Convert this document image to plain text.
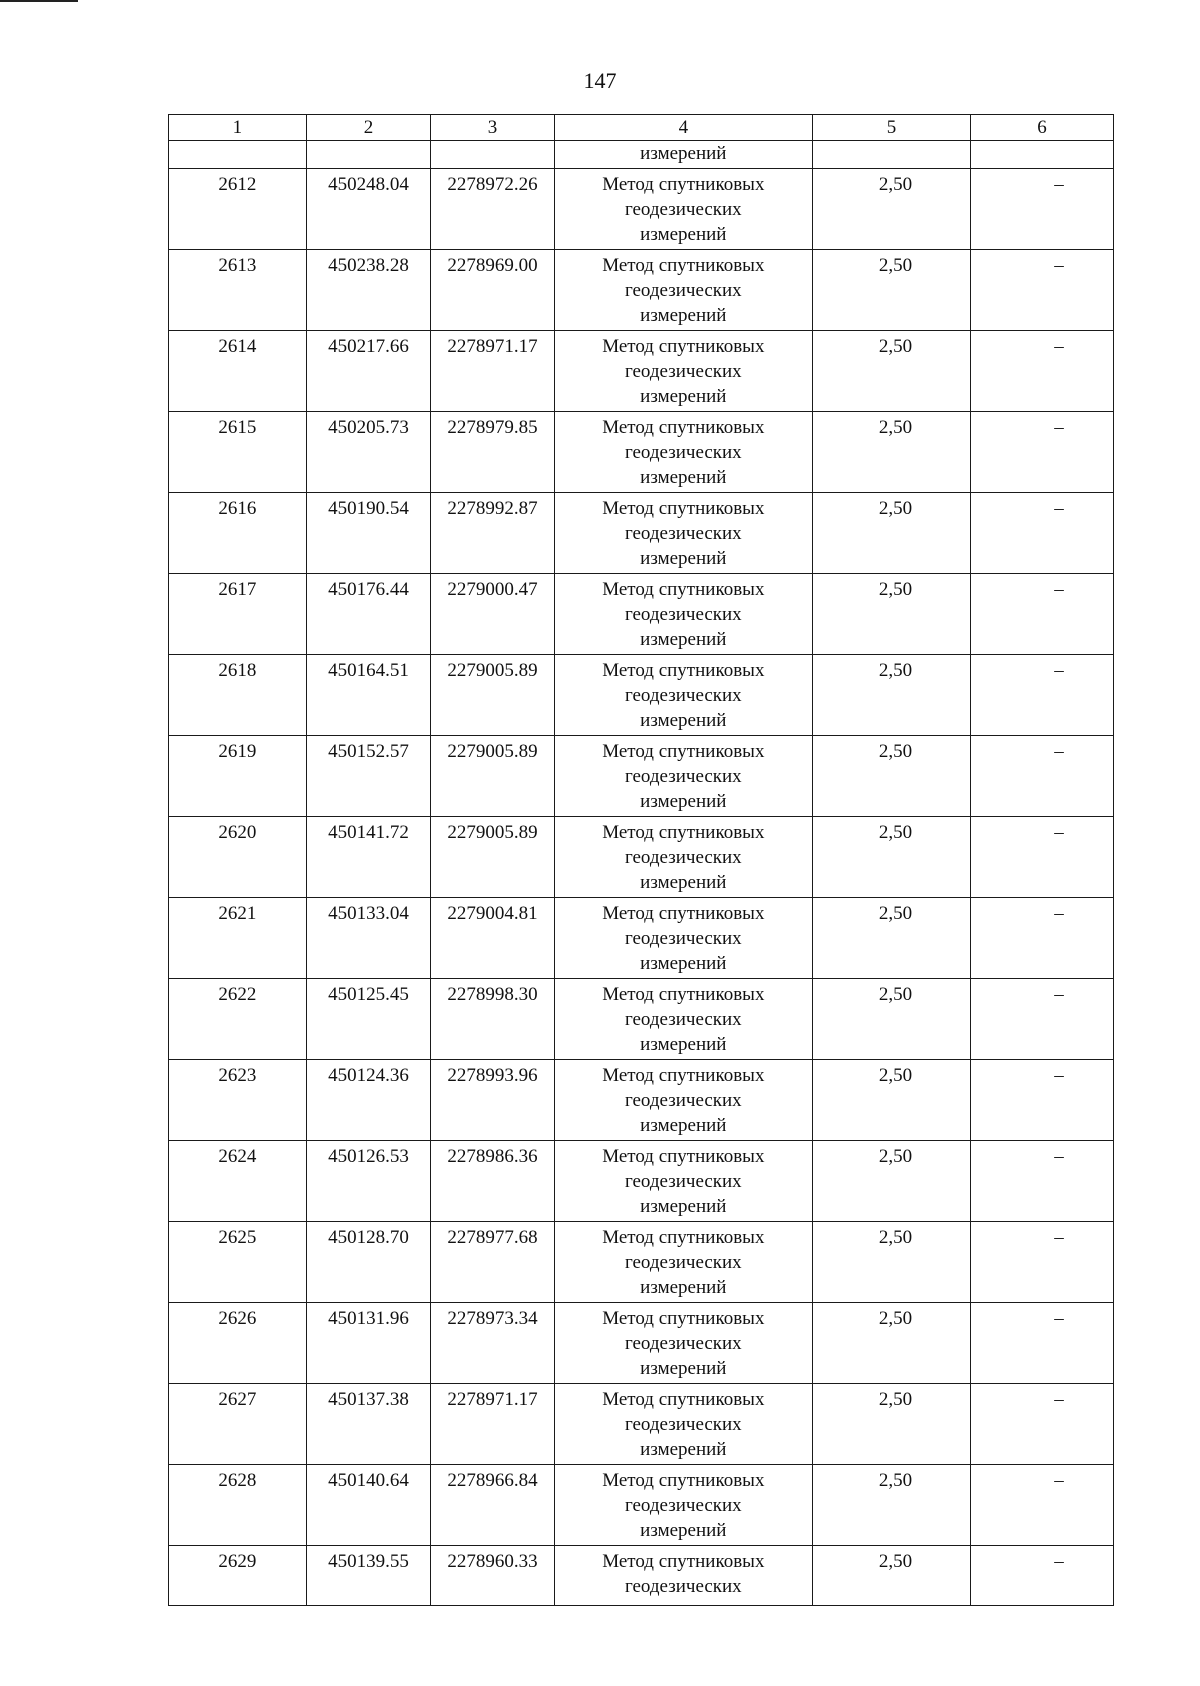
147
1	2	3	4	5	6
			измерений		
2612	450248.04	2278972.26	Метод спутниковых
геодезических
измерений	2,50	–

2613	450238.28	2278969.00	Метод спутниковых
геодезических
измерений	2,50	–

2614	450217.66	2278971.17	Метод спутниковых
геодезических
измерений	2,50	–

2615	450205.73	2278979.85	Метод спутниковых
геодезических
измерений	2,50	–

2616	450190.54	2278992.87	Метод спутниковых
геодезических
измерений	2,50	–

2617	450176.44	2279000.47	Метод спутниковых
геодезических
измерений	2,50	–

2618	450164.51	2279005.89	Метод спутниковых
геодезических
измерений	2,50	–

2619	450152.57	2279005.89	Метод спутниковых
геодезических
измерений	2,50	–

2620	450141.72	2279005.89	Метод спутниковых
геодезических
измерений	2,50	–

2621	450133.04	2279004.81	Метод спутниковых
геодезических
измерений	2,50	–

2622	450125.45	2278998.30	Метод спутниковых
геодезических
измерений	2,50	–

2623	450124.36	2278993.96	Метод спутниковых
геодезических
измерений	2,50	–

2624	450126.53	2278986.36	Метод спутниковых
геодезических
измерений	2,50	–

2625	450128.70	2278977.68	Метод спутниковых
геодезических
измерений	2,50	–

2626	450131.96	2278973.34	Метод спутниковых
геодезических
измерений	2,50	–

2627	450137.38	2278971.17	Метод спутниковых
геодезических
измерений	2,50	–

2628	450140.64	2278966.84	Метод спутниковых
геодезических
измерений	2,50	–

2629	450139.55	2278960.33	Метод спутниковых
геодезических	2,50	–
